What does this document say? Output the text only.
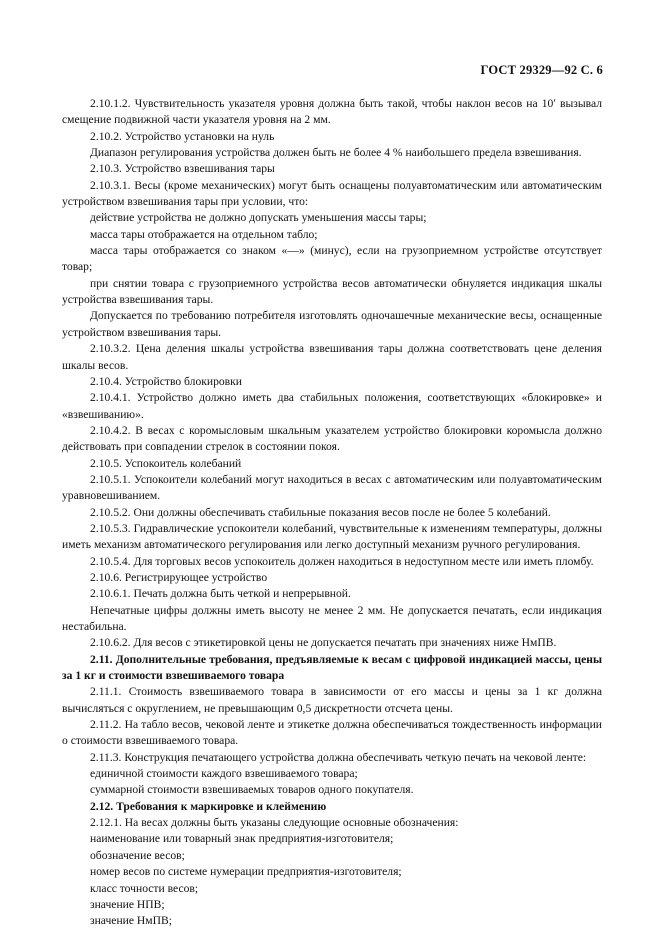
ГОСТ 29329—92 С. 6

2.10.1.2. Чувствительность указателя уровня должна быть такой, чтобы наклон весов на 10ʹ вызывал смещение подвижной части указателя уровня на 2 мм.

2.10.2. Устройство установки на нуль

Диапазон регулирования устройства должен быть не более 4 % наибольшего предела взвешивания.

2.10.3. Устройство взвешивания тары

2.10.3.1. Весы (кроме механических) могут быть оснащены полуавтоматическим или автоматическим устройством взвешивания тары при условии, что:

действие устройства не должно допускать уменьшения массы тары;

масса тары отображается на отдельном табло;

масса тары отображается со знаком «—» (минус), если на грузоприемном устройстве отсутствует товар;

при снятии товара с грузоприемного устройства весов автоматически обнуляется индикация шкалы устройства взвешивания тары.

Допускается по требованию потребителя изготовлять одночашечные механические весы, оснащенные устройством взвешивания тары.

2.10.3.2. Цена деления шкалы устройства взвешивания тары должна соответствовать цене деления шкалы весов.

2.10.4. Устройство блокировки

2.10.4.1. Устройство должно иметь два стабильных положения, соответствующих «блокировке» и «взвешиванию».

2.10.4.2. В весах с коромысловым шкальным указателем устройство блокировки коромысла должно действовать при совпадении стрелок в состоянии покоя.

2.10.5. Успокоитель колебаний

2.10.5.1. Успокоители колебаний могут находиться в весах с автоматическим или полуавтоматическим уравновешиванием.

2.10.5.2. Они должны обеспечивать стабильные показания весов после не более 5 колебаний.

2.10.5.3. Гидравлические успокоители колебаний, чувствительные к изменениям температуры, должны иметь механизм автоматического регулирования или легко доступный механизм ручного регулирования.

2.10.5.4. Для торговых весов успокоитель должен находиться в недоступном месте или иметь пломбу.

2.10.6. Регистрирующее устройство

2.10.6.1. Печать должна быть четкой и непрерывной.

Непечатные цифры должны иметь высоту не менее 2 мм. Не допускается печатать, если индикация нестабильна.

2.10.6.2. Для весов с этикетировкой цены не допускается печатать при значениях ниже НмПВ.

2.11. Дополнительные требования, предъявляемые к весам с цифровой индикацией массы, цены за 1 кг и стоимости взвешиваемого товара

2.11.1. Стоимость взвешиваемого товара в зависимости от его массы и цены за 1 кг должна вычисляться с округлением, не превышающим 0,5 дискретности отсчета цены.

2.11.2. На табло весов, чековой ленте и этикетке должна обеспечиваться тождественность информации о стоимости взвешиваемого товара.

2.11.3. Конструкция печатающего устройства должна обеспечивать четкую печать на чековой ленте:

единичной стоимости каждого взвешиваемого товара;

суммарной стоимости взвешиваемых товаров одного покупателя.

2.12. Требования к маркировке и клеймению

2.12.1. На весах должны быть указаны следующие основные обозначения:

наименование или товарный знак предприятия-изготовителя;

обозначение весов;

номер весов по системе нумерации предприятия-изготовителя;

класс точности весов;

значение НПВ;

значение НмПВ;
